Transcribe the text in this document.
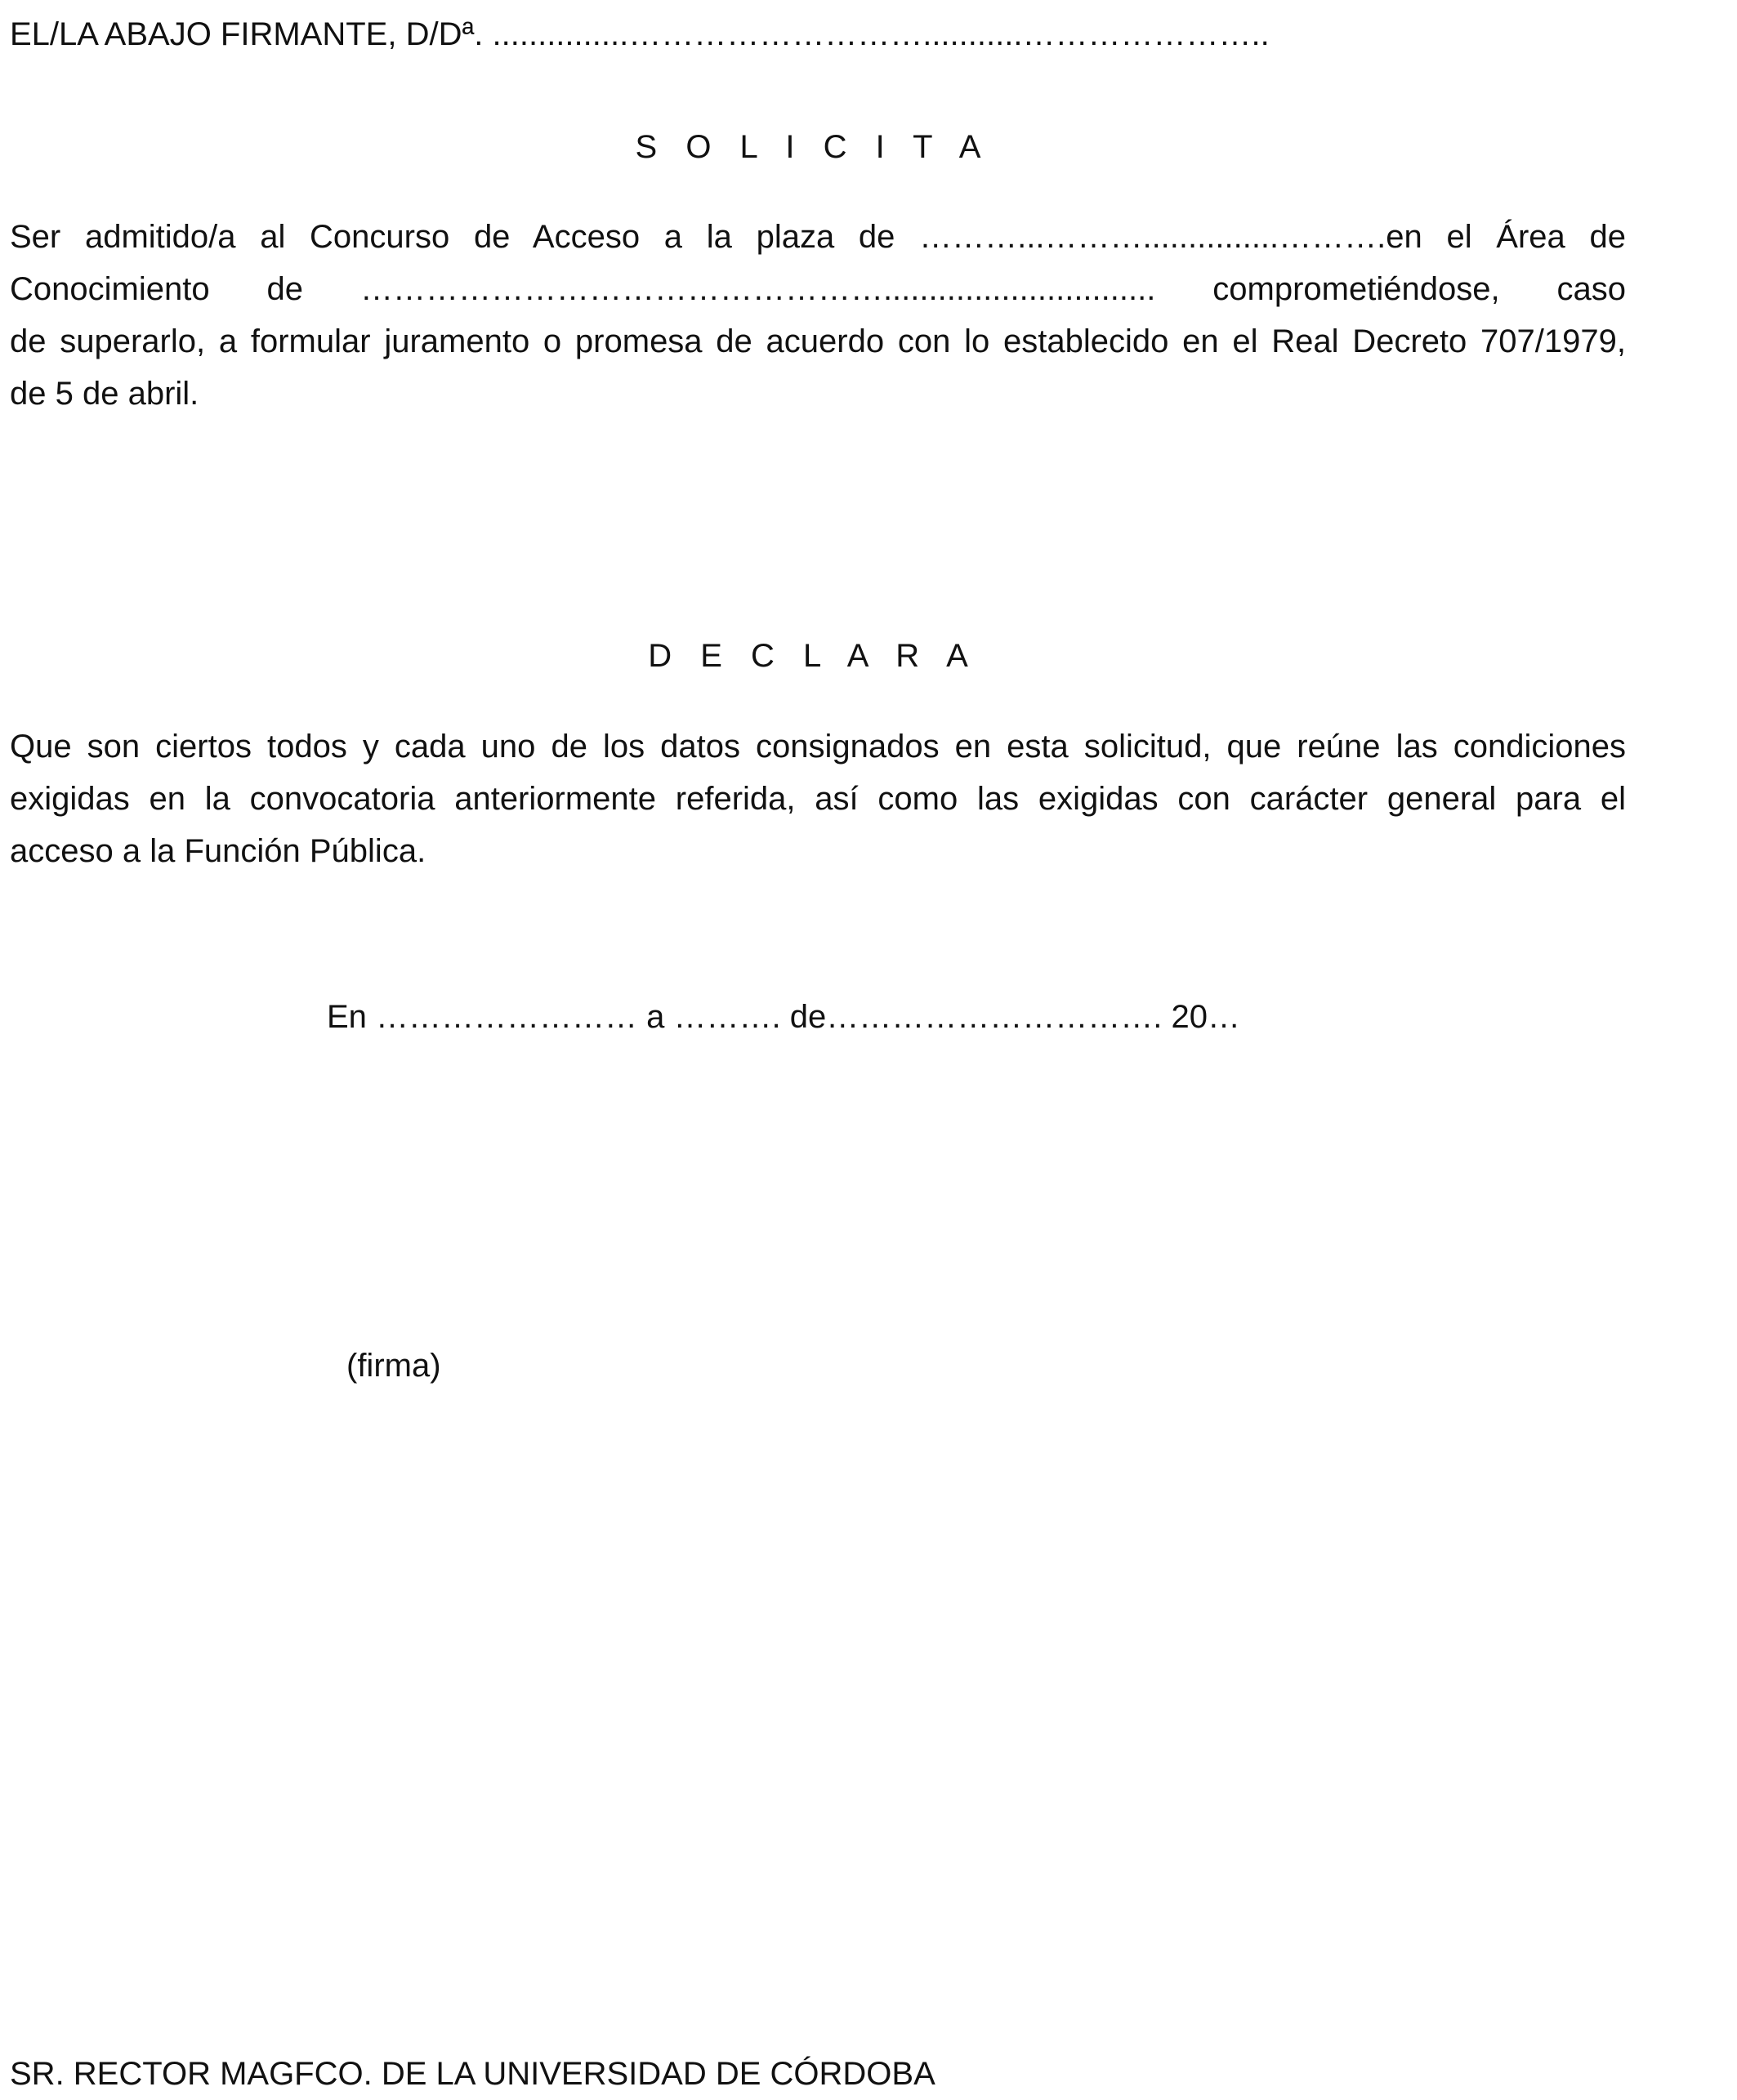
EL/LA ABAJO FIRMANTE, D/Dª. ...............………………………...........…………………..
S O L I C I T A
Ser admitido/a al Concurso de Acceso a la plaza de ………...………...............……….en el Área de
Conocimiento de ………………………………………….............................. comprometiéndose, caso
de superarlo, a formular juramento o promesa de acuerdo con lo establecido en el Real Decreto 707/1979,
de 5 de abril.
D E C L A R A
Que son ciertos todos y cada uno de los datos consignados en esta solicitud, que reúne las condiciones
exigidas en la convocatoria anteriormente referida, así como las exigidas con carácter general para el
acceso a la Función Pública.
En …………………… a ………. de…………………………. 20…
(firma)
SR. RECTOR MAGFCO. DE LA UNIVERSIDAD DE CÓRDOBA
